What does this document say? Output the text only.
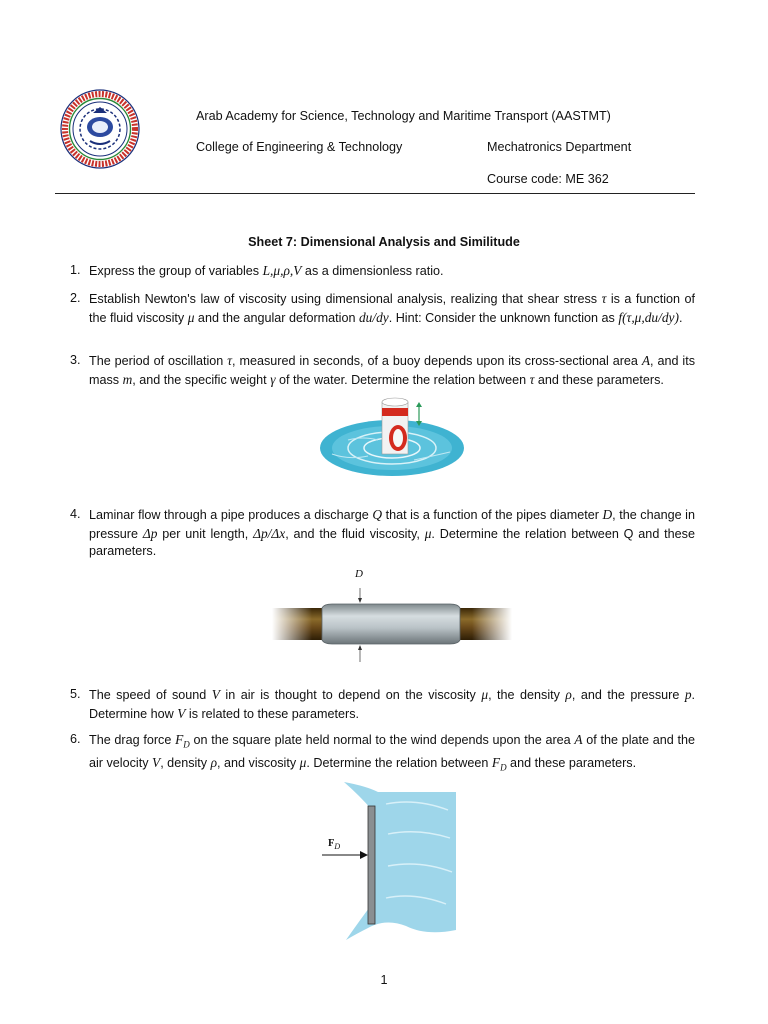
Arab Academy for Science, Technology and Maritime Transport (AASTMT)
College of Engineering & Technology	Mechatronics Department
Course code: ME 362
Sheet 7: Dimensional Analysis and Similitude
1. Express the group of variables L,μ,ρ,V as a dimensionless ratio.
2. Establish Newton's law of viscosity using dimensional analysis, realizing that shear stress τ is a function of the fluid viscosity μ and the angular deformation du/dy. Hint: Consider the unknown function as f(τ,μ,du/dy).
3. The period of oscillation τ, measured in seconds, of a buoy depends upon its cross-sectional area A, and its mass m, and the specific weight γ of the water. Determine the relation between τ and these parameters.
4. Laminar flow through a pipe produces a discharge Q that is a function of the pipes diameter D, the change in pressure Δp per unit length, Δp/Δx, and the fluid viscosity, μ. Determine the relation between Q and these parameters.
D
5. The speed of sound V in air is thought to depend on the viscosity μ, the density ρ, and the pressure p. Determine how V is related to these parameters.
6. The drag force $F_D$ on the square plate held normal to the wind depends upon the area A of the plate and the air velocity V, density ρ, and viscosity μ. Determine the relation between $F_D$ and these parameters.
$F_D$
1
